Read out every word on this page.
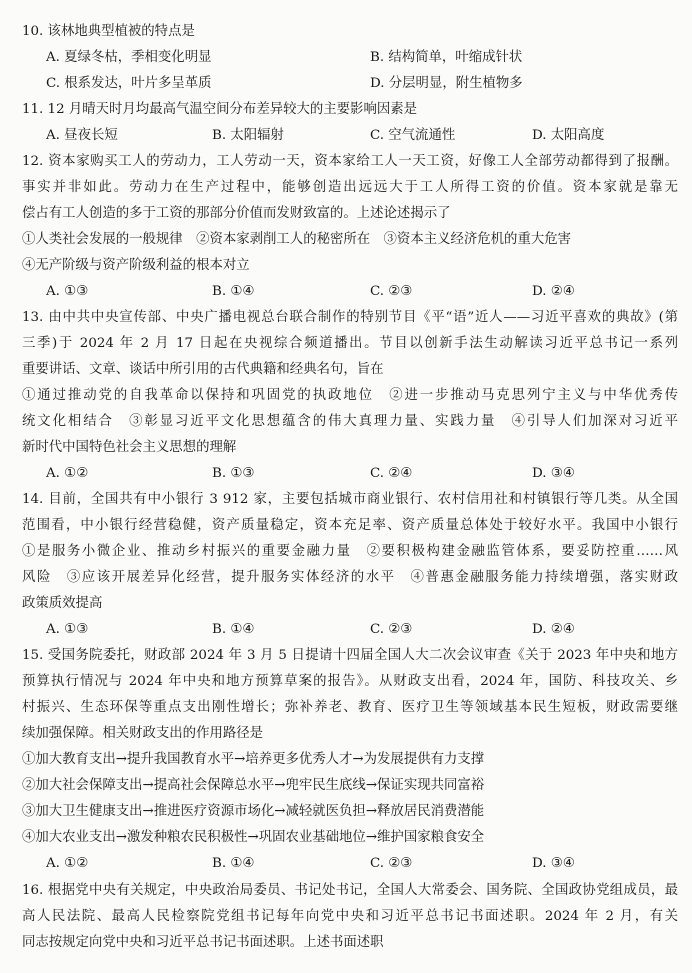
10. 该林地典型植被的特点是
A. 夏绿冬枯，季相变化明显	B. 结构简单，叶缩成针状
C. 根系发达，叶片多呈革质	D. 分层明显，附生植物多
11. 12 月晴天时月均最高气温空间分布差异较大的主要影响因素是
A. 昼夜长短	B. 太阳辐射	C. 空气流通性	D. 太阳高度
12. 资本家购买工人的劳动力，工人劳动一天，资本家给工人一天工资，好像工人全部劳动都得到了报酬。
事实并非如此。劳动力在生产过程中，能够创造出远远大于工人所得工资的价值。资本家就是靠无
偿占有工人创造的多于工资的那部分价值而发财致富的。上述论述揭示了
①人类社会发展的一般规律　②资本家剥削工人的秘密所在　③资本主义经济危机的重大危害
④无产阶级与资产阶级利益的根本对立
A. ①③	B. ①④	C. ②③	D. ②④
13. 由中共中央宣传部、中央广播电视总台联合制作的特别节目《平“语”近人——习近平喜欢的典故》(第
三季)于 2024 年 2 月 17 日起在央视综合频道播出。节目以创新手法生动解读习近平总书记一系列
重要讲话、文章、谈话中所引用的古代典籍和经典名句，旨在
①通过推动党的自我革命以保持和巩固党的执政地位　②进一步推动马克思列宁主义与中华优秀传
统文化相结合　③彰显习近平文化思想蕴含的伟大真理力量、实践力量　④引导人们加深对习近平
新时代中国特色社会主义思想的理解
A. ①②	B. ①③	C. ②④	D. ③④
14. 目前，全国共有中小银行 3 912 家，主要包括城市商业银行、农村信用社和村镇银行等几类。从全国
范围看，中小银行经营稳健，资产质量稳定，资本充足率、资产质量总体处于较好水平。我国中小银行
①是服务小微企业、推动乡村振兴的重要金融力量　②要积极构建金融监管体系，要妥防控重……风
风险　③应该开展差异化经营，提升服务实体经济的水平　④普惠金融服务能力持续增强，落实财政
政策质效提高
A. ①③	B. ①④	C. ②③	D. ②④
15. 受国务院委托，财政部 2024 年 3 月 5 日提请十四届全国人大二次会议审查《关于 2023 年中央和地方
预算执行情况与 2024 年中央和地方预算草案的报告》。从财政支出看，2024 年，国防、科技攻关、乡
村振兴、生态环保等重点支出刚性增长；弥补养老、教育、医疗卫生等领域基本民生短板，财政需要继
续加强保障。相关财政支出的作用路径是
①加大教育支出→提升我国教育水平→培养更多优秀人才→为发展提供有力支撑
②加大社会保障支出→提高社会保障总水平→兜牢民生底线→保证实现共同富裕
③加大卫生健康支出→推进医疗资源市场化→减轻就医负担→释放居民消费潜能
④加大农业支出→激发种粮农民积极性→巩固农业基础地位→维护国家粮食安全
A. ①②	B. ①④	C. ②③	D. ③④
16. 根据党中央有关规定，中央政治局委员、书记处书记，全国人大常委会、国务院、全国政协党组成员，最
高人民法院、最高人民检察院党组书记每年向党中央和习近平总书记书面述职。2024 年 2 月，有关
同志按规定向党中央和习近平总书记书面述职。上述书面述职
